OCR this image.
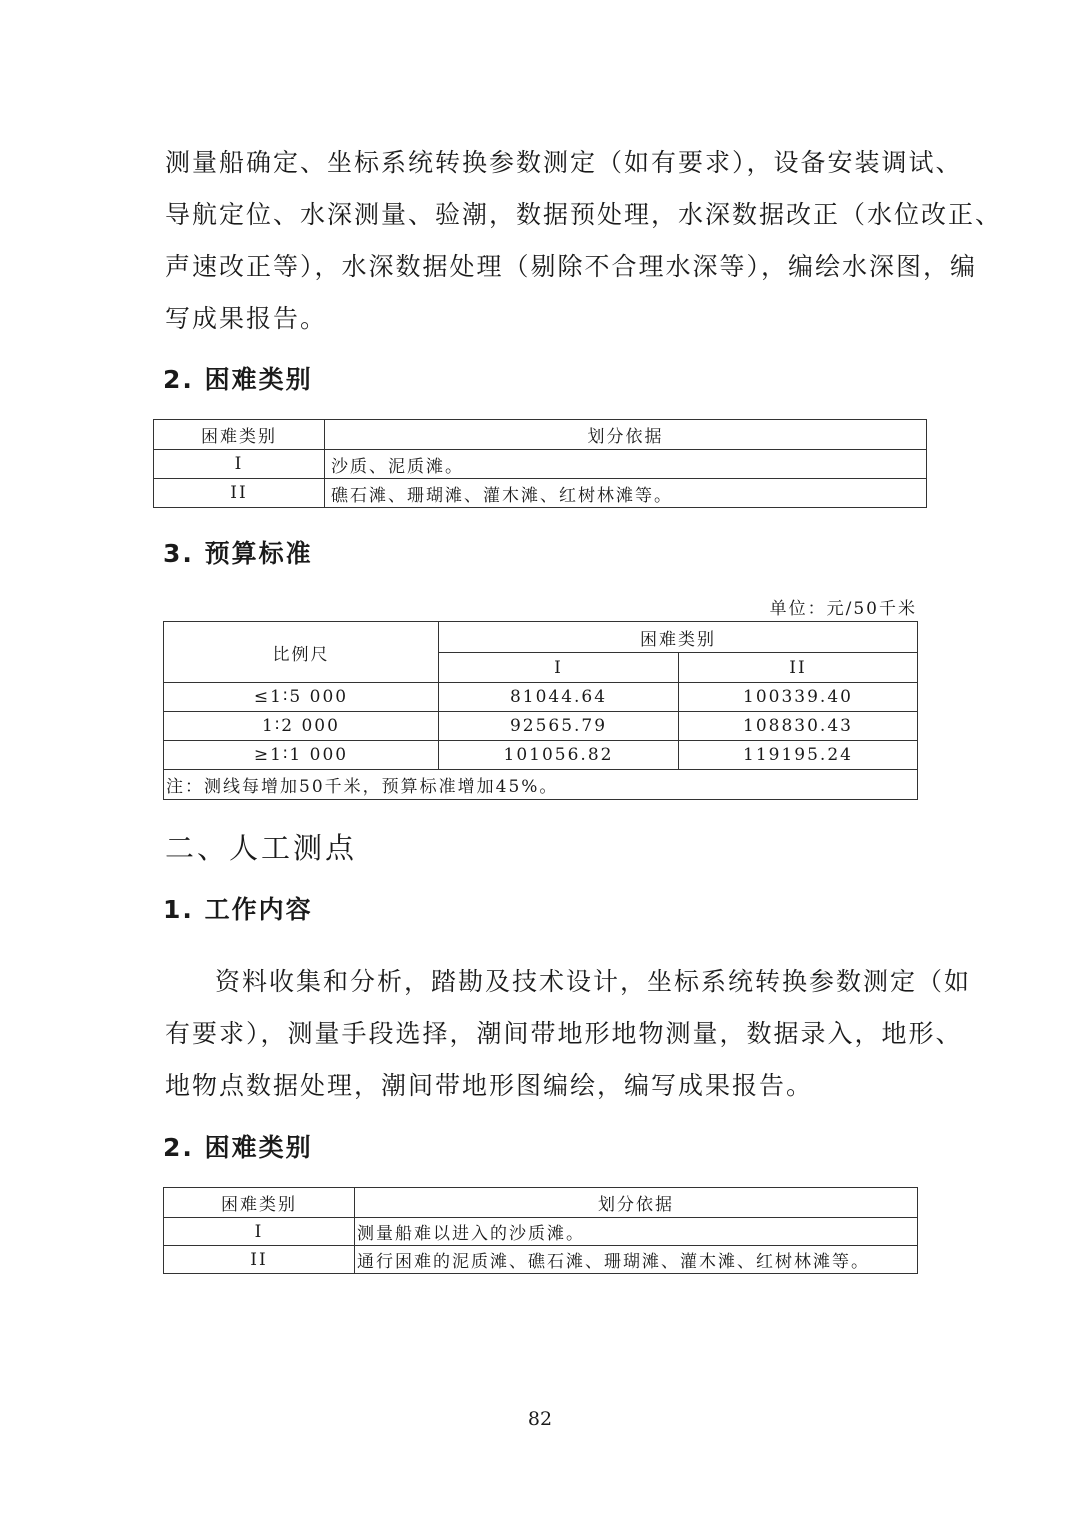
测量船确定、坐标系统转换参数测定（如有要求），设备安装调试、
导航定位、水深测量、验潮，数据预处理，水深数据改正（水位改正、
声速改正等），水深数据处理（剔除不合理水深等），编绘水深图，编
写成果报告。
2. 困难类别
困难类别	划分依据
I	沙质、泥质滩。
II	礁石滩、珊瑚滩、灌木滩、红树林滩等。
3. 预算标准
单位：元/50千米
比例尺	困难类别	
	I	II
≤1∶5 000	81044.64	100339.40
1∶2 000	92565.79	108830.43
≥1∶1 000	101056.82	119195.24
注：测线每增加50千米，预算标准增加45%。		
二、人工测点
1. 工作内容
资料收集和分析，踏勘及技术设计，坐标系统转换参数测定（如
有要求），测量手段选择，潮间带地形地物测量，数据录入，地形、
地物点数据处理，潮间带地形图编绘，编写成果报告。
2. 困难类别
困难类别	划分依据
I	测量船难以进入的沙质滩。
II	通行困难的泥质滩、礁石滩、珊瑚滩、灌木滩、红树林滩等。
82
